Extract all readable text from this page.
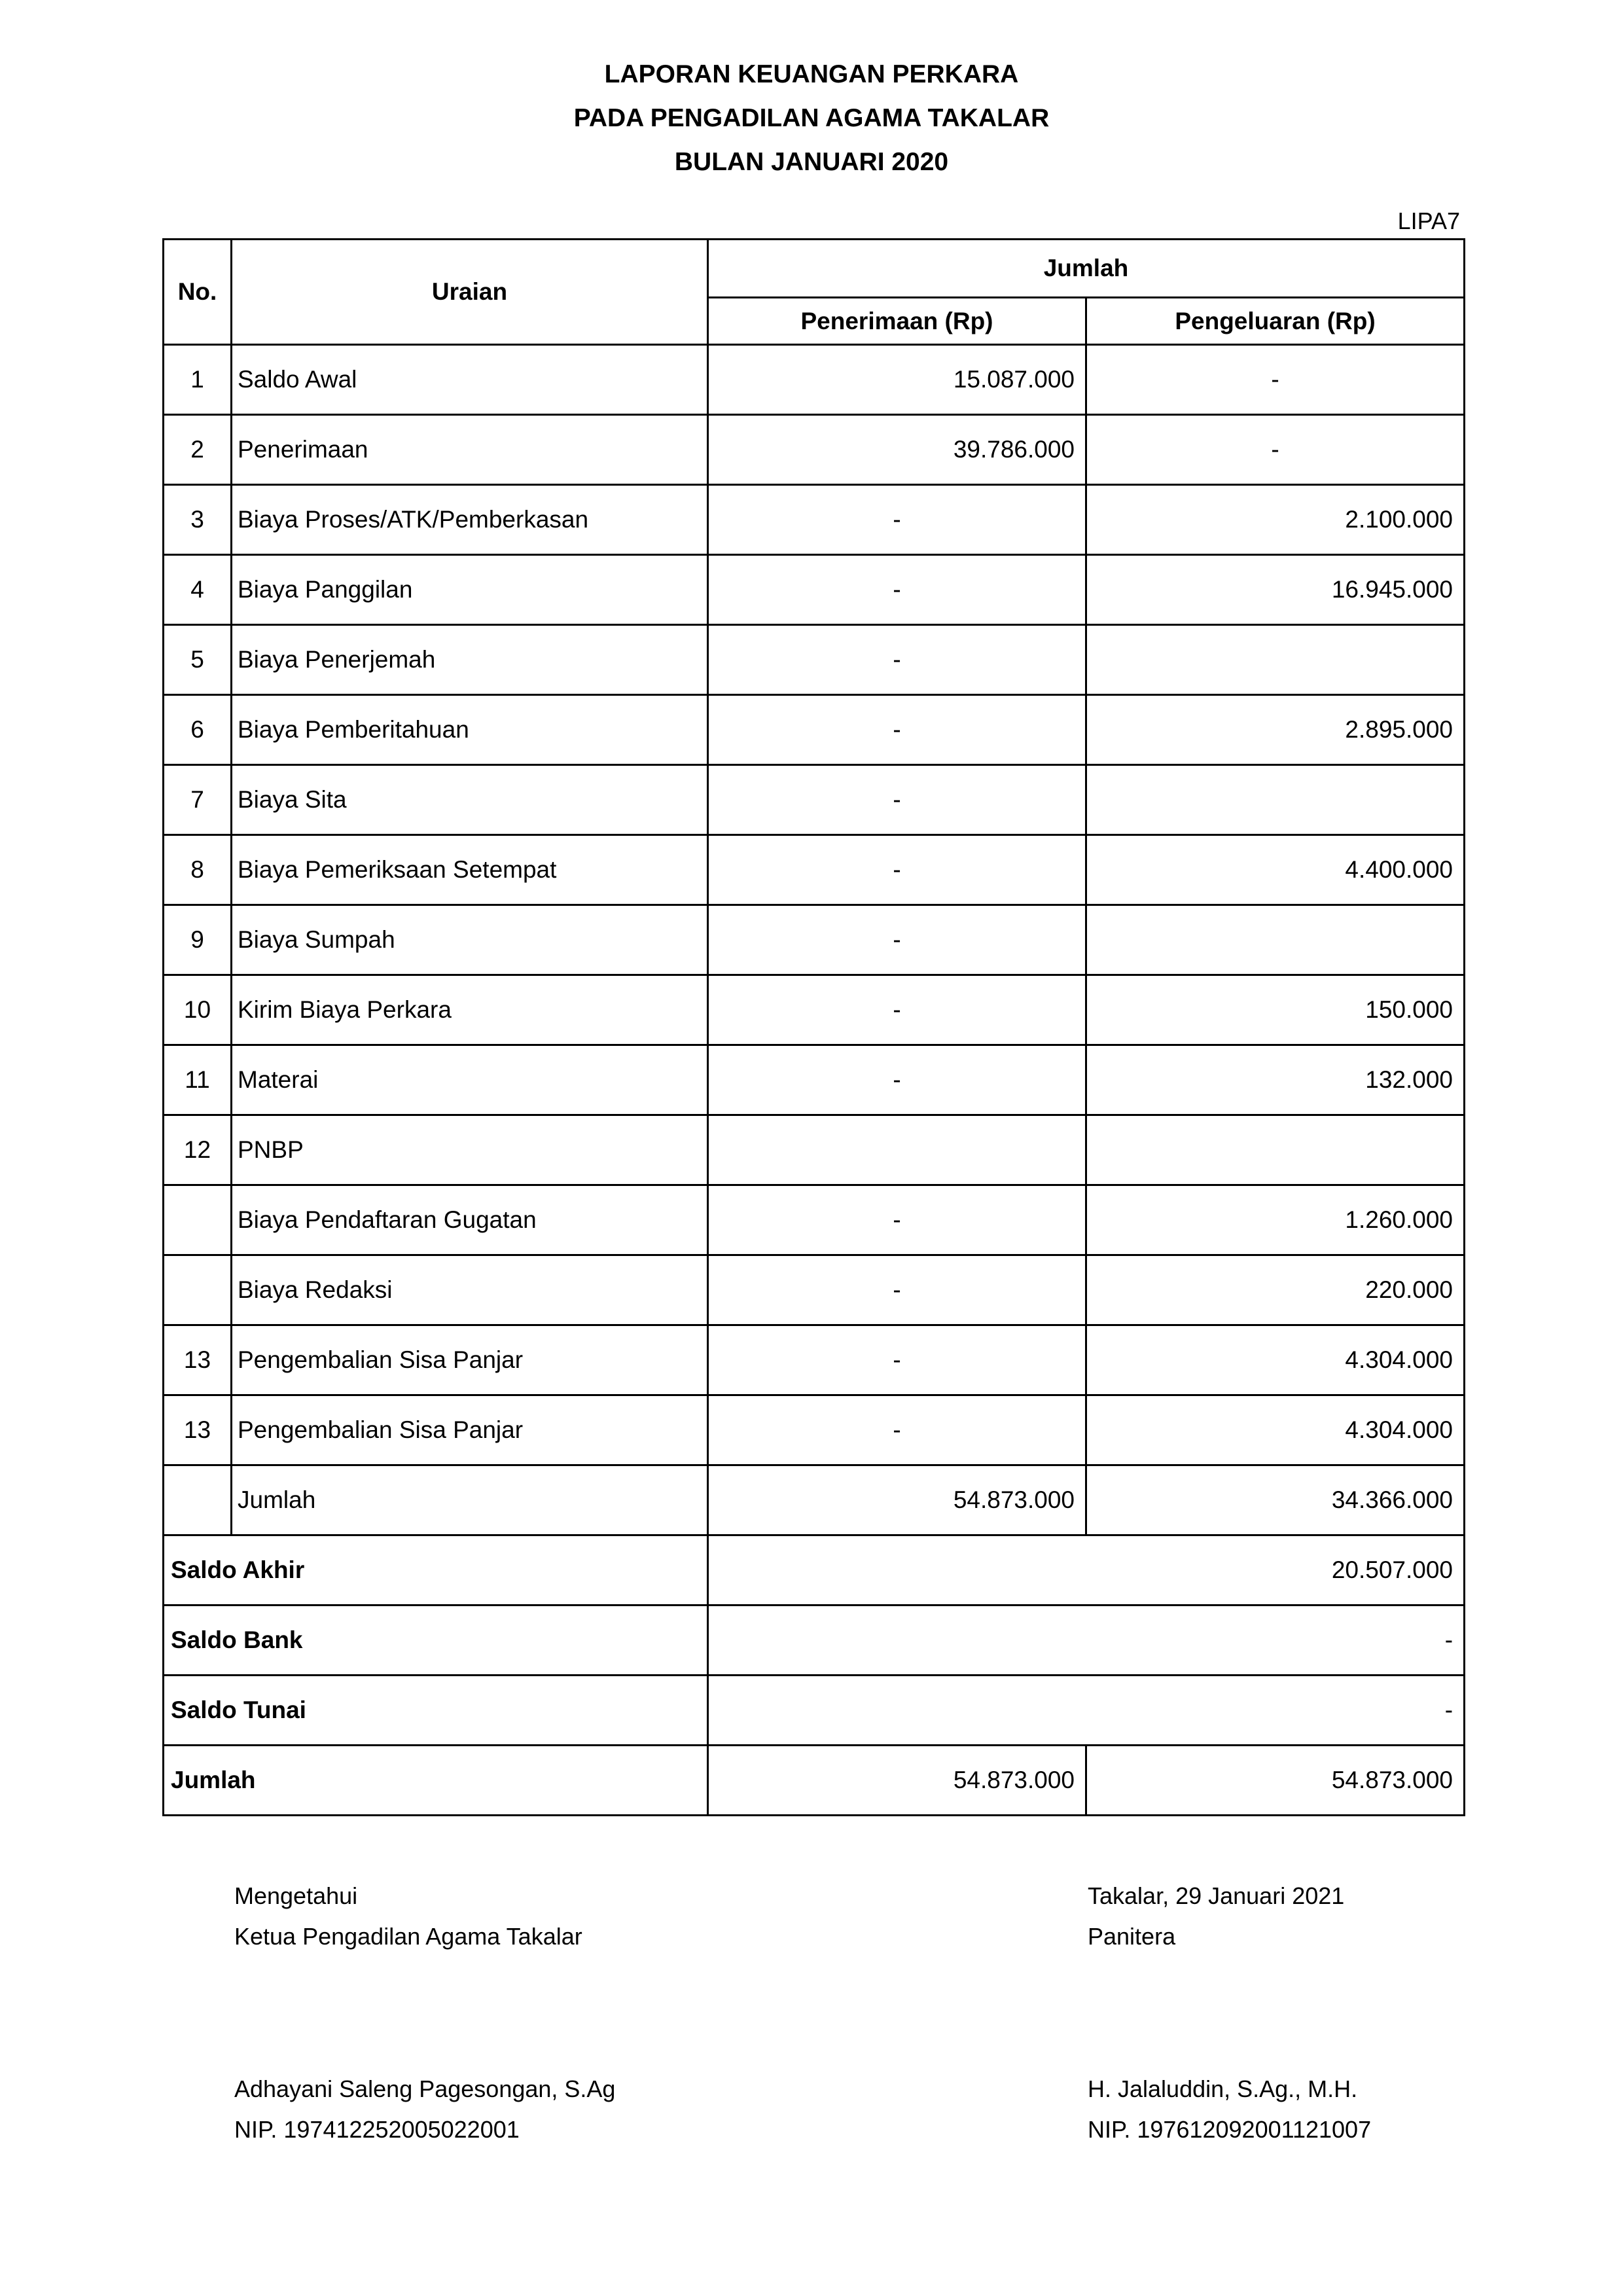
LAPORAN KEUANGAN PERKARA
PADA PENGADILAN AGAMA TAKALAR
BULAN JANUARI 2020
LIPA7
No.	Uraian	Jumlah	
		Penerimaan (Rp)	Pengeluaran (Rp)
1	Saldo Awal	15.087.000	-
2	Penerimaan	39.786.000	-
3	Biaya Proses/ATK/Pemberkasan	-	2.100.000
4	Biaya Panggilan	-	16.945.000
5	Biaya Penerjemah	-	
6	Biaya Pemberitahuan	-	2.895.000
7	Biaya Sita	-	
8	Biaya Pemeriksaan Setempat	-	4.400.000
9	Biaya Sumpah	-	
10	Kirim Biaya Perkara	-	150.000
11	Materai	-	132.000
12	PNBP		
	Biaya Pendaftaran Gugatan	-	1.260.000
	Biaya Redaksi	-	220.000
13	Pengembalian Sisa Panjar	-	4.304.000
13	Pengembalian Sisa Panjar	-	4.304.000
	Jumlah	54.873.000	34.366.000
Saldo Akhir		20.507.000	
Saldo Bank		-	
Saldo Tunai		-	
Jumlah		54.873.000	54.873.000
Mengetahui
Ketua Pengadilan Agama Takalar
Takalar, 29 Januari 2021
Panitera
Adhayani Saleng Pagesongan, S.Ag
NIP. 197412252005022001
H. Jalaluddin, S.Ag., M.H.
NIP. 197612092001121007
